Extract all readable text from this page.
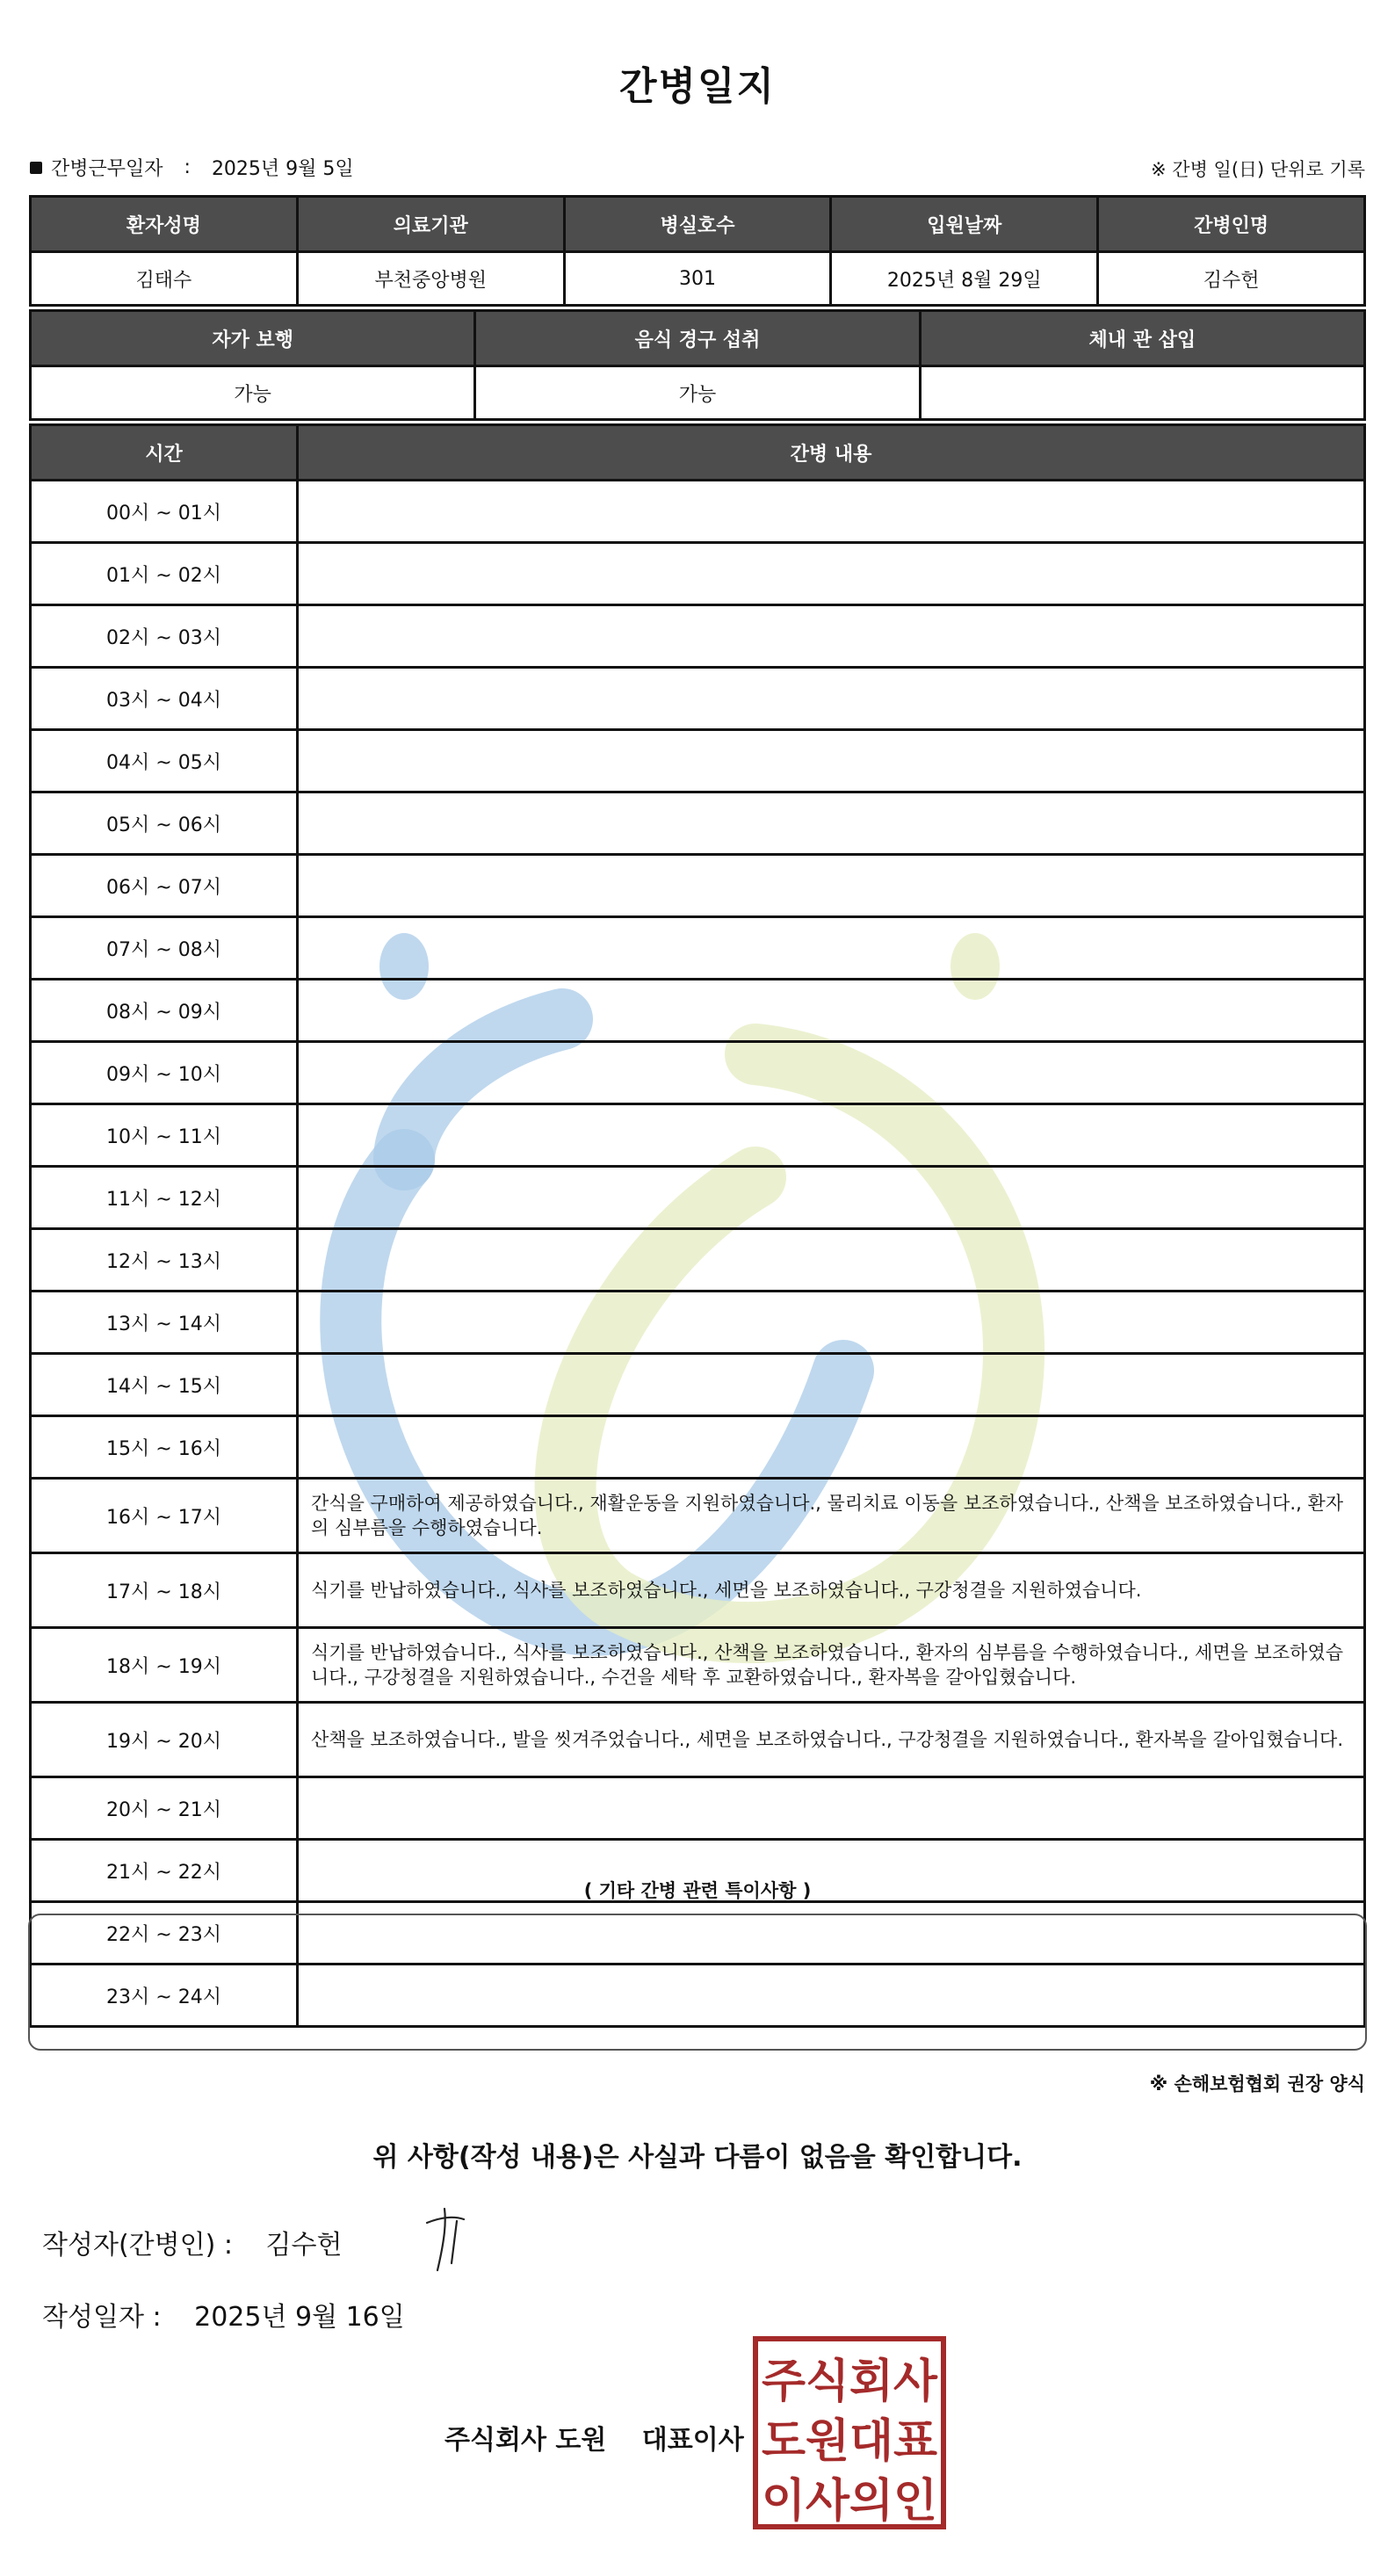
간병일지
간병근무일자 : 2025년 9월 5일	※ 간병 일(日) 단위로 기록
환자성명	의료기관	병실호수	입원날짜	간병인명
김태수	부천중앙병원	301	2025년 8월 29일	김수헌
자가 보행	음식 경구 섭취	체내 관 삽입
가능	가능	
시간	간병 내용
00시 ~ 01시	
01시 ~ 02시	
02시 ~ 03시	
03시 ~ 04시	
04시 ~ 05시	
05시 ~ 06시	
06시 ~ 07시	
07시 ~ 08시	
08시 ~ 09시	
09시 ~ 10시	
10시 ~ 11시	
11시 ~ 12시	
12시 ~ 13시	
13시 ~ 14시	
14시 ~ 15시	
15시 ~ 16시	
16시 ~ 17시	간식을 구매하여 제공하였습니다., 재활운동을 지원하였습니다., 물리치료 이동을 보조하였습니다., 산책을 보조하였습니다., 환자의 심부름을 수행하였습니다.
17시 ~ 18시	식기를 반납하였습니다., 식사를 보조하였습니다., 세면을 보조하였습니다., 구강청결을 지원하였습니다.
18시 ~ 19시	식기를 반납하였습니다., 식사를 보조하였습니다., 산책을 보조하였습니다., 환자의 심부름을 수행하였습니다., 세면을 보조하였습니다., 구강청결을 지원하였습니다., 수건을 세탁 후 교환하였습니다., 환자복을 갈아입혔습니다.
19시 ~ 20시	산책을 보조하였습니다., 발을 씻겨주었습니다., 세면을 보조하였습니다., 구강청결을 지원하였습니다., 환자복을 갈아입혔습니다.
20시 ~ 21시	
21시 ~ 22시	
22시 ~ 23시	
23시 ~ 24시	
( 기타 간병 관련 특이사항 )
※ 손해보험협회 권장 양식
위 사항(작성 내용)은 사실과 다름이 없음을 확인합니다.
작성자(간병인) : 김수헌
작성일자 : 2025년 9월 16일
주식회사 도원 대표이사
주식회사
도원대표
이사의인
